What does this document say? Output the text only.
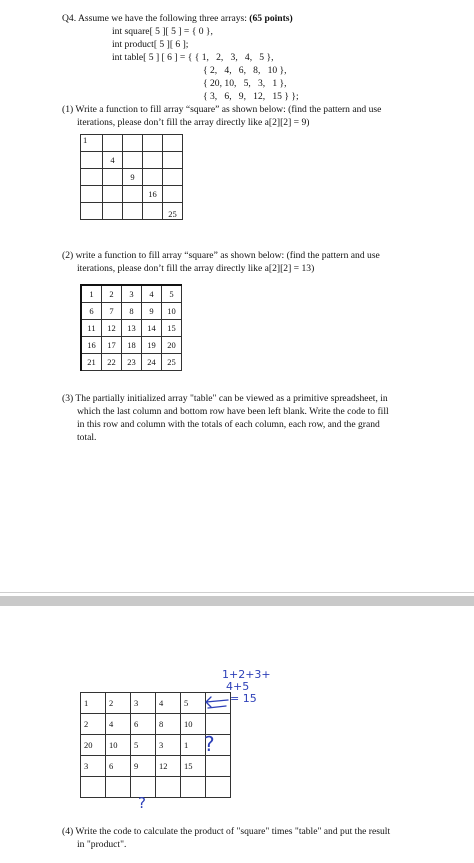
Q4. Assume we have the following three arrays: (65 points)
int square[ 5 ][ 5 ] = { 0 },
int product[ 5 ][ 6 ];
int table[ 5 ] [ 6 ] = { { 1,   2,   3,   4,   5 },
{ 2,   4,   6,   8,   10 },
{ 20, 10,   5,   3,   1 },
{ 3,   6,   9,   12,   15 } };
(1) Write a function to fill array “square” as shown below: (find the pattern and use
iterations, please don’t fill the array directly like a[2][2] = 9)
1				
	4			
		9		
			16	
				25
(2) write a function to fill array “square” as shown below: (find the pattern and use
iterations, please don’t fill the array directly like a[2][2] = 13)
1	2	3	4	5
6	7	8	9	10
11	12	13	14	15
16	17	18	19	20
21	22	23	24	25
(3) The partially initialized array "table" can be viewed as a primitive spreadsheet, in
which the last column and bottom row have been left blank. Write the code to fill
in this row and column with the totals of each column, each row, and the grand
total.
1	2	3	4	5	
2	4	6	8	10	
20	10	5	3	1	
3	6	9	12	15	

1+2+3+
4+5
= 15
?
?
(4) Write the code to calculate the product of "square" times "table" and put the result
in "product".
